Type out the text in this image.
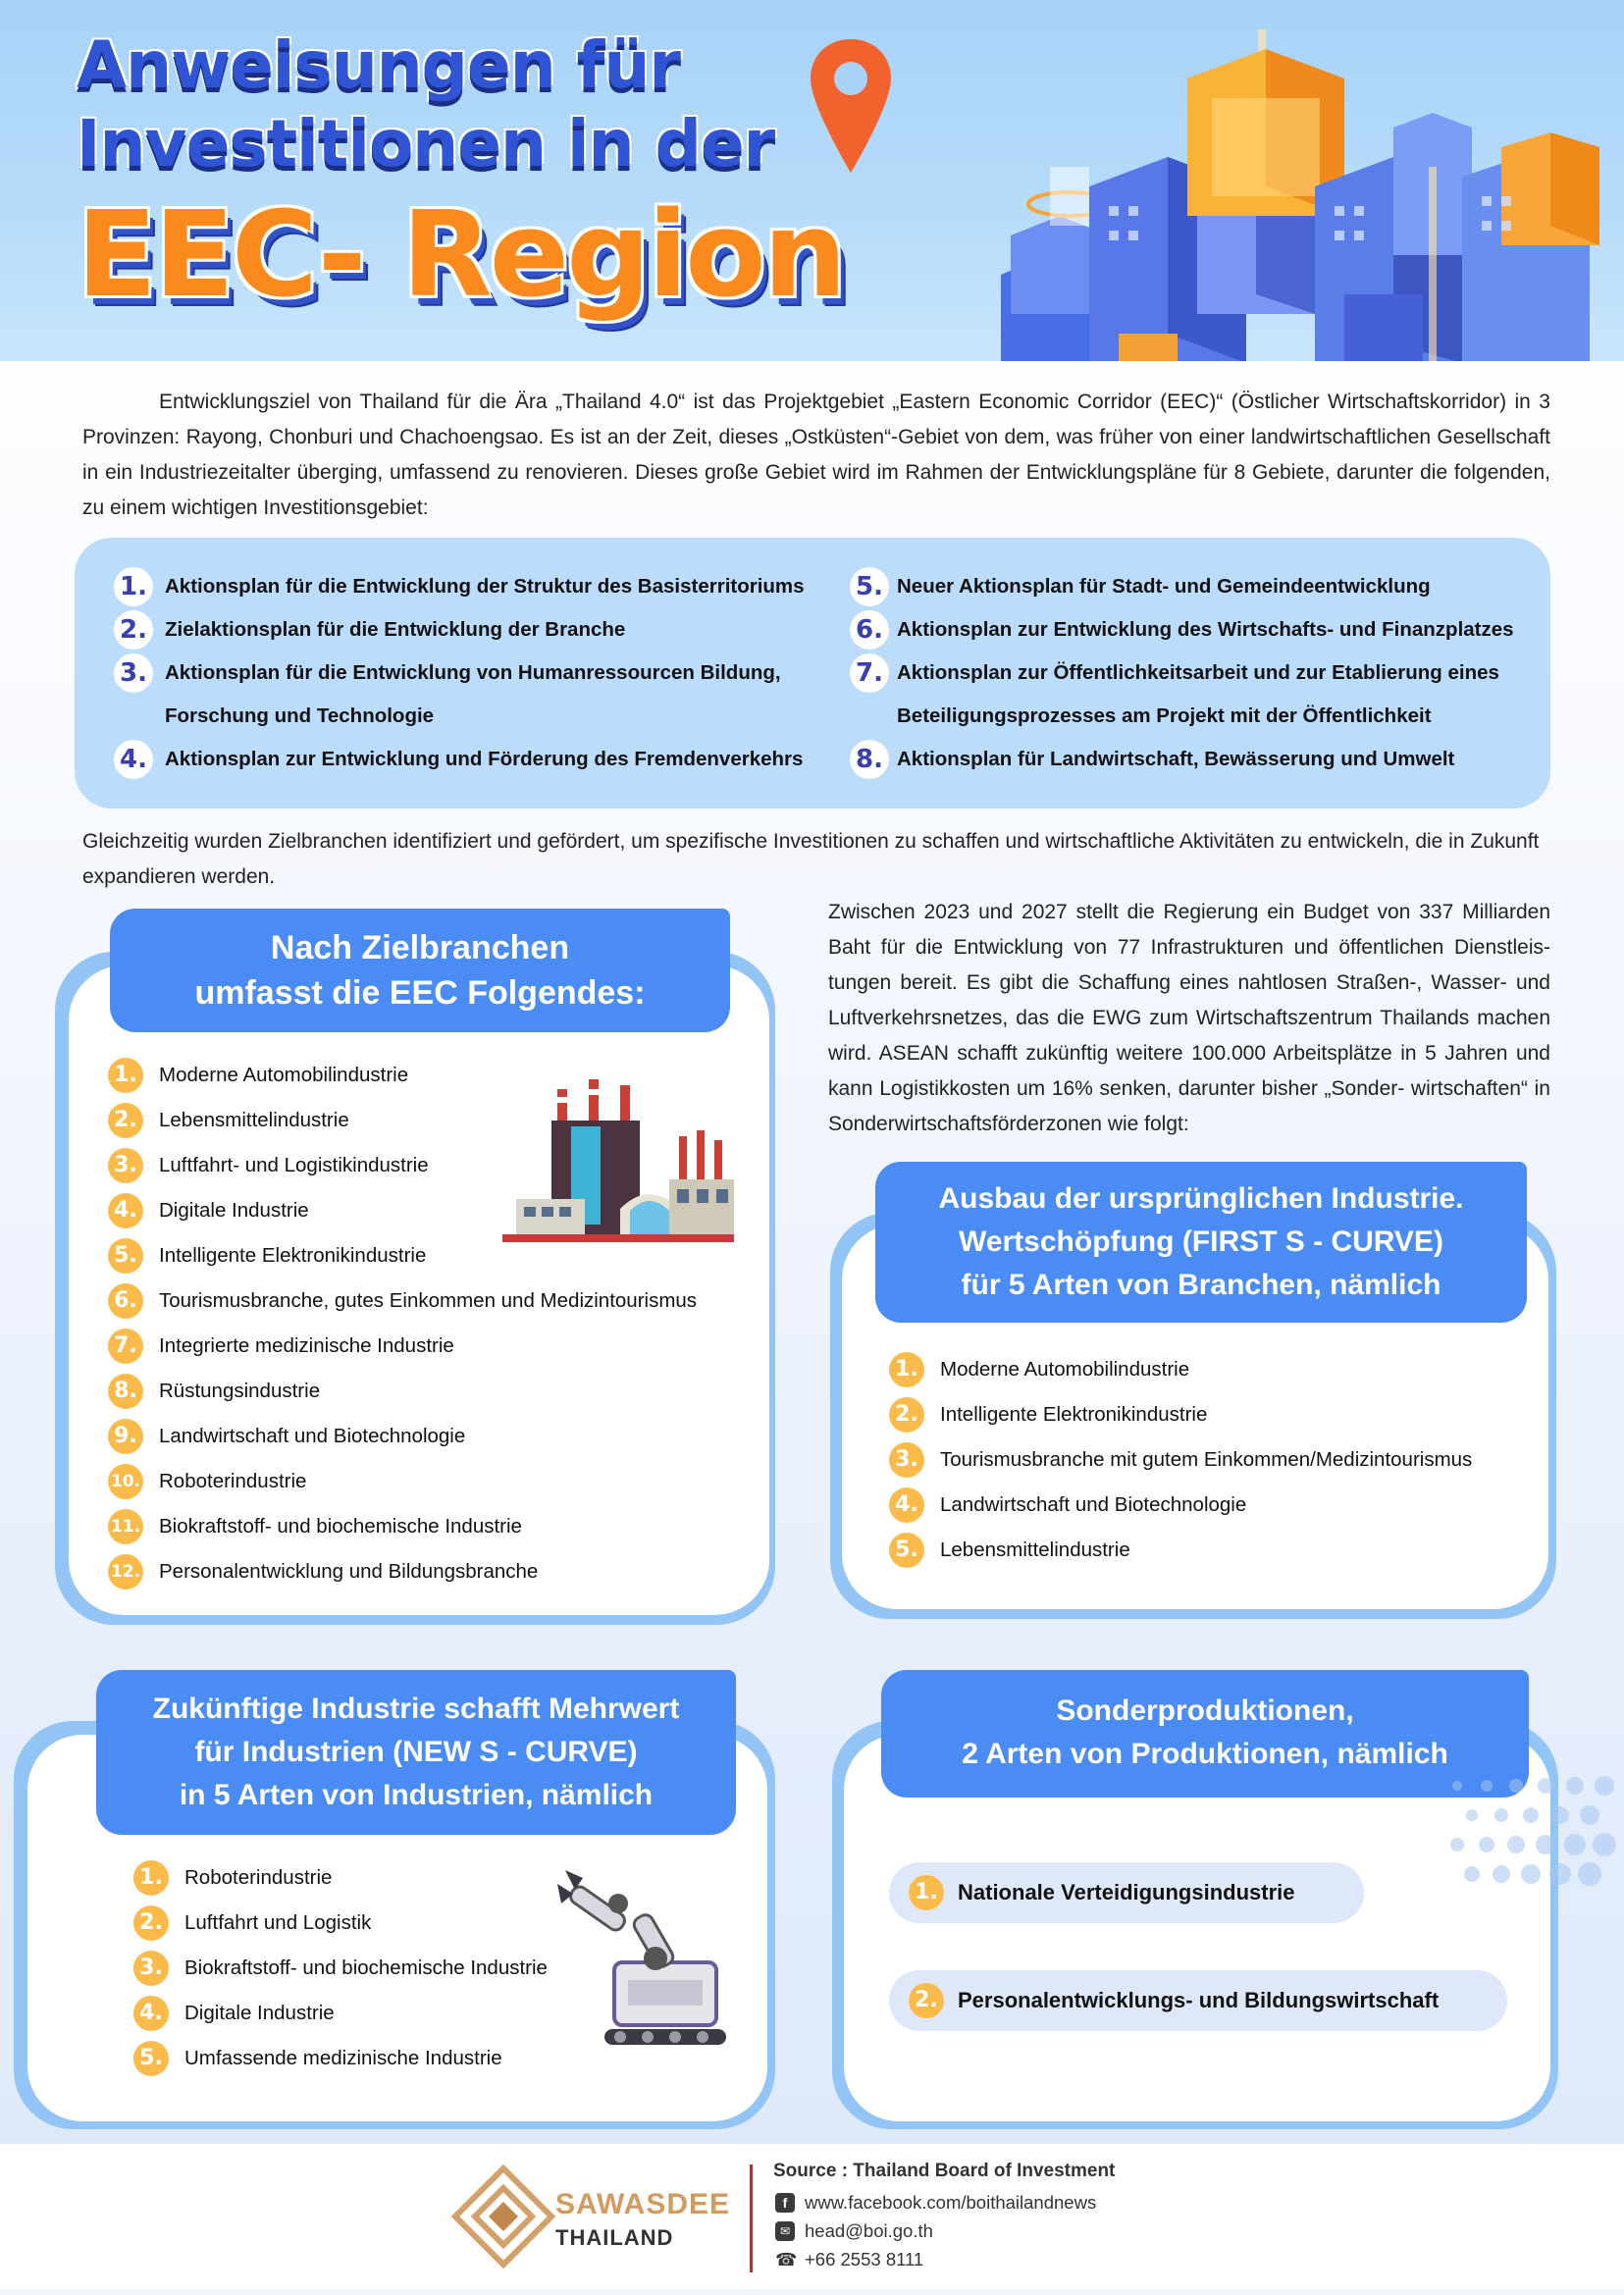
Anweisungen für
Investitionen in der
EEC- Region
Entwicklungsziel von Thailand für die Ära „Thailand 4.0“ ist das Projektgebiet „Eastern Economic Corridor (EEC)“ (Östlicher Wirtschaftskorridor) in 3 Provinzen: Rayong, Chonburi und Chachoengsao. Es ist an der Zeit, dieses „Ostküsten“-Gebiet von dem, was früher von einer landwirtschaftlichen Gesellschaft in ein Industriezeitalter überging, umfassend zu renovieren. Dieses große Gebiet wird im Rahmen der Entwicklungspläne für 8 Gebiete, darunter die folgenden, zu einem wichtigen Investitionsgebiet:
1. Aktionsplan für die Entwicklung der Struktur des Basisterritoriums
2. Zielaktionsplan für die Entwicklung der Branche
3. Aktionsplan für die Entwicklung von Humanressourcen Bildung,
Forschung und Technologie
4. Aktionsplan zur Entwicklung und Förderung des Fremdenverkehrs
5. Neuer Aktionsplan für Stadt- und Gemeindeentwicklung
6. Aktionsplan zur Entwicklung des Wirtschafts- und Finanzplatzes
7. Aktionsplan zur Öffentlichkeitsarbeit und zur Etablierung eines
Beteiligungsprozesses am Projekt mit der Öffentlichkeit
8. Aktionsplan für Landwirtschaft, Bewässerung und Umwelt
Gleichzeitig wurden Zielbranchen identifiziert und gefördert, um spezifische Investitionen zu schaffen und wirtschaftliche Aktivitäten zu entwickeln, die in Zukunft expandieren werden.
Zwischen 2023 und 2027 stellt die Regierung ein Budget von 337 Milliarden Baht für die Entwicklung von 77 Infrastrukturen und öffentlichen Dienstleis- tungen bereit. Es gibt die Schaffung eines nahtlosen Straßen-, Wasser- und Luftverkehrsnetzes, das die EWG zum Wirtschaftszentrum Thailands machen wird. ASEAN schafft zukünftig weitere 100.000 Arbeitsplätze in 5 Jahren und kann Logistikkosten um 16% senken, darunter bisher „Sonder- wirtschaften“ in Sonderwirtschaftsförderzonen wie folgt:
Nach Zielbranchen
umfasst die EEC Folgendes:
1.	Moderne Automobilindustrie
2.	Lebensmittelindustrie
3.	Luftfahrt- und Logistikindustrie
4.	Digitale Industrie
5.	Intelligente Elektronikindustrie
6.	Tourismusbranche, gutes Einkommen und Medizintourismus
7.	Integrierte medizinische Industrie
8.	Rüstungsindustrie
9.	Landwirtschaft und Biotechnologie
10. Roboterindustrie
11. Biokraftstoff- und biochemische Industrie
12. Personalentwicklung und Bildungsbranche
Ausbau der ursprünglichen Industrie.
Wertschöpfung (FIRST S - CURVE)
für 5 Arten von Branchen, nämlich
1.	Moderne Automobilindustrie
2.	Intelligente Elektronikindustrie
3.	Tourismusbranche mit gutem Einkommen/Medizintourismus
4.	Landwirtschaft und Biotechnologie
5.	Lebensmittelindustrie
Zukünftige Industrie schafft Mehrwert
für Industrien (NEW S - CURVE)
in 5 Arten von Industrien, nämlich
1.	Roboterindustrie
2.	Luftfahrt und Logistik
3.	Biokraftstoff- und biochemische Industrie
4.	Digitale Industrie
5.	Umfassende medizinische Industrie
Sonderproduktionen,
2 Arten von Produktionen, nämlich
1. Nationale Verteidigungsindustrie
2. Personalentwicklungs- und Bildungswirtschaft
SAWASDEE
THAILAND
Source : Thailand Board of Investment
f www.facebook.com/boithailandnews
✉ head@boi.go.th
☎ +66 2553 8111
